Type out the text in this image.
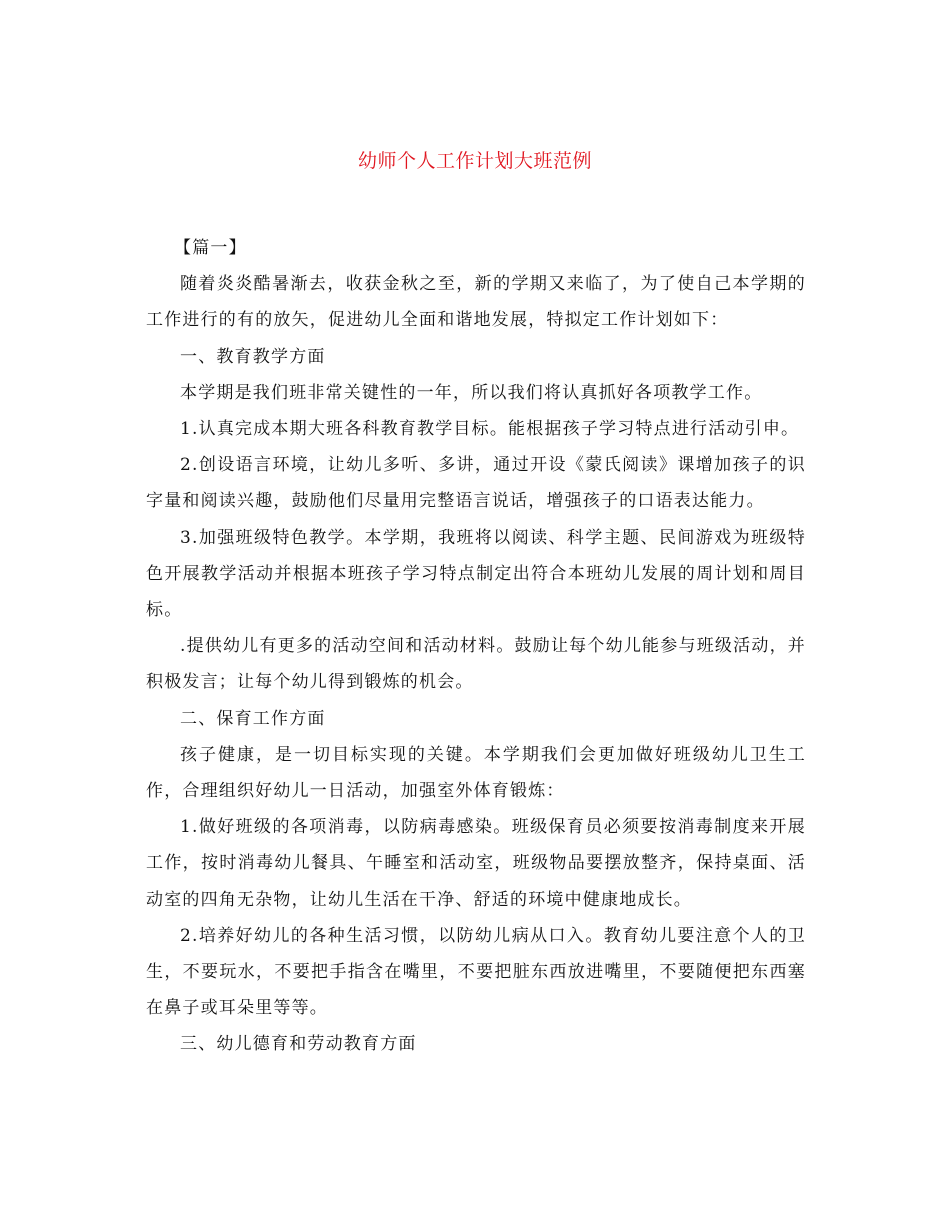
幼师个人工作计划大班范例

【篇一】

随着炎炎酷暑渐去，收获金秋之至，新的学期又来临了，为了使自己本学期的工作进行的有的放矢，促进幼儿全面和谐地发展，特拟定工作计划如下：

一、教育教学方面

本学期是我们班非常关键性的一年，所以我们将认真抓好各项教学工作。

1.认真完成本期大班各科教育教学目标。能根据孩子学习特点进行活动引申。

2.创设语言环境，让幼儿多听、多讲，通过开设《蒙氏阅读》课增加孩子的识字量和阅读兴趣，鼓励他们尽量用完整语言说话，增强孩子的口语表达能力。

3.加强班级特色教学。本学期，我班将以阅读、科学主题、民间游戏为班级特色开展教学活动并根据本班孩子学习特点制定出符合本班幼儿发展的周计划和周目标。

.提供幼儿有更多的活动空间和活动材料。鼓励让每个幼儿能参与班级活动，并积极发言；让每个幼儿得到锻炼的机会。

二、保育工作方面

孩子健康，是一切目标实现的关键。本学期我们会更加做好班级幼儿卫生工作，合理组织好幼儿一日活动，加强室外体育锻炼：

1.做好班级的各项消毒，以防病毒感染。班级保育员必须要按消毒制度来开展工作，按时消毒幼儿餐具、午睡室和活动室，班级物品要摆放整齐，保持桌面、活动室的四角无杂物，让幼儿生活在干净、舒适的环境中健康地成长。

2.培养好幼儿的各种生活习惯，以防幼儿病从口入。教育幼儿要注意个人的卫生，不要玩水，不要把手指含在嘴里，不要把脏东西放进嘴里，不要随便把东西塞在鼻子或耳朵里等等。

三、幼儿德育和劳动教育方面
